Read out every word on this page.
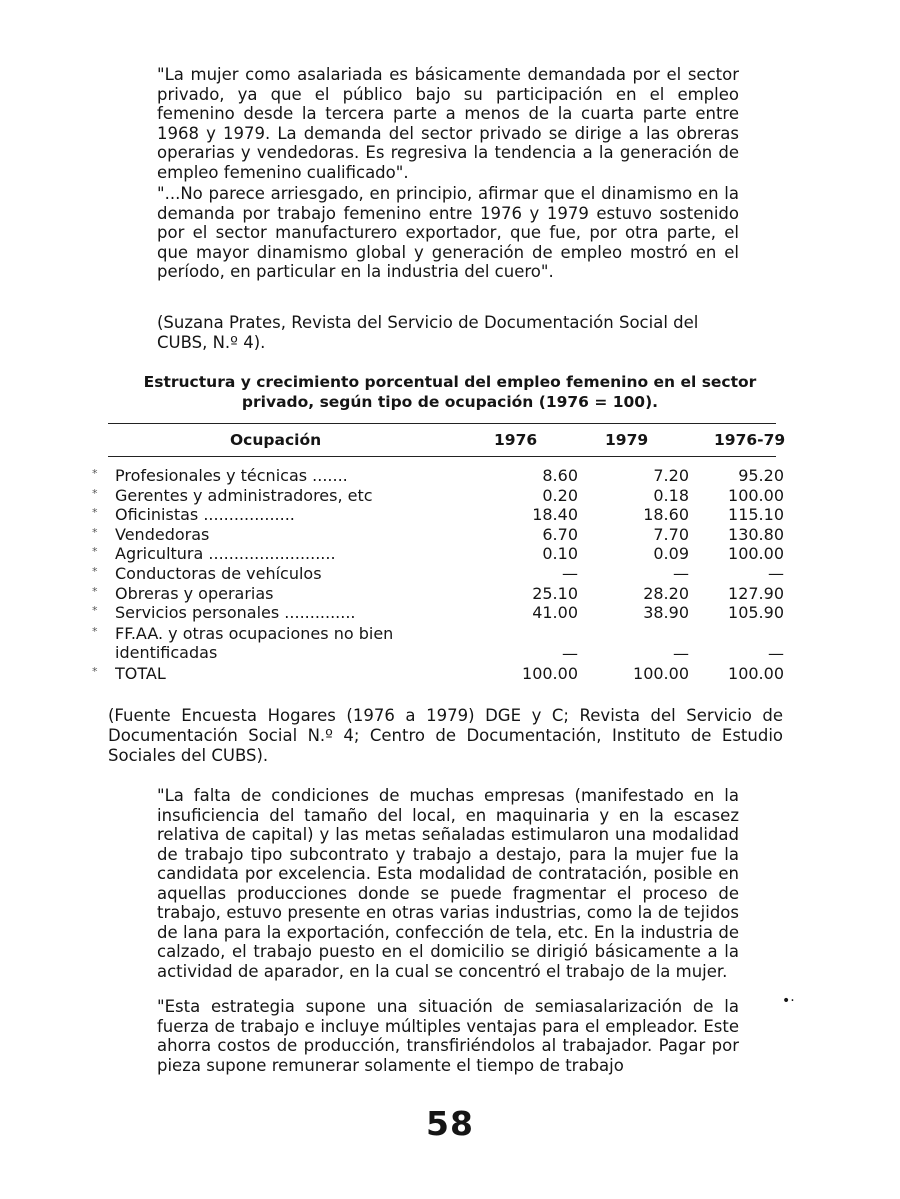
"La mujer como asalariada es básicamente demandada por el sector privado, ya que el público bajo su participación en el empleo femenino desde la tercera parte a menos de la cuarta parte entre 1968 y 1979. La demanda del sector privado se dirige a las obreras operarias y vendedoras. Es regresiva la tendencia a la generación de empleo femenino cualificado".
"...No parece arriesgado, en principio, afirmar que el dinamismo en la demanda por trabajo femenino entre 1976 y 1979 estuvo sostenido por el sector manufacturero exportador, que fue, por otra parte, el que mayor dinamismo global y generación de empleo mostró en el período, en particular en la industria del cuero".
(Suzana Prates, Revista del Servicio de Documentación Social del CUBS, N.º 4).
Estructura y crecimiento porcentual del empleo femenino en el sector privado, según tipo de ocupación (1976 = 100).
Ocupación	1976	1979	1976-79
* Profesionales y técnicas .......	8.60	7.20	95.20
* Gerentes y administradores, etc	0.20	0.18	100.00
* Oficinistas ..................	18.40	18.60	115.10
* Vendedoras	6.70	7.70	130.80
* Agricultura .........................	0.10	0.09	100.00
* Conductoras de vehículos	—	—	—
* Obreras y operarias	25.10	28.20	127.90
* Servicios personales ..............	41.00	38.90	105.90
* FF.AA. y otras ocupaciones no bien identificadas	—	—	—
* TOTAL	100.00	100.00	100.00
(Fuente Encuesta Hogares (1976 a 1979) DGE y C; Revista del Servicio de Documentación Social N.º 4; Centro de Documentación, Instituto de Estudio Sociales del CUBS).
"La falta de condiciones de muchas empresas (manifestado en la insuficiencia del tamaño del local, en maquinaria y en la escasez relativa de capital) y las metas señaladas estimularon una modalidad de trabajo tipo subcontrato y trabajo a destajo, para la mujer fue la candidata por excelencia. Esta modalidad de contratación, posible en aquellas producciones donde se puede fragmentar el proceso de trabajo, estuvo presente en otras varias industrias, como la de tejidos de lana para la exportación, confección de tela, etc. En la industria de calzado, el trabajo puesto en el domicilio se dirigió básicamente a la actividad de aparador, en la cual se concentró el trabajo de la mujer.
"Esta estrategia supone una situación de semiasalarización de la fuerza de trabajo e incluye múltiples ventajas para el empleador. Este ahorra costos de producción, transfiriéndolos al trabajador. Pagar por pieza supone remunerar solamente el tiempo de trabajo
•·
58
